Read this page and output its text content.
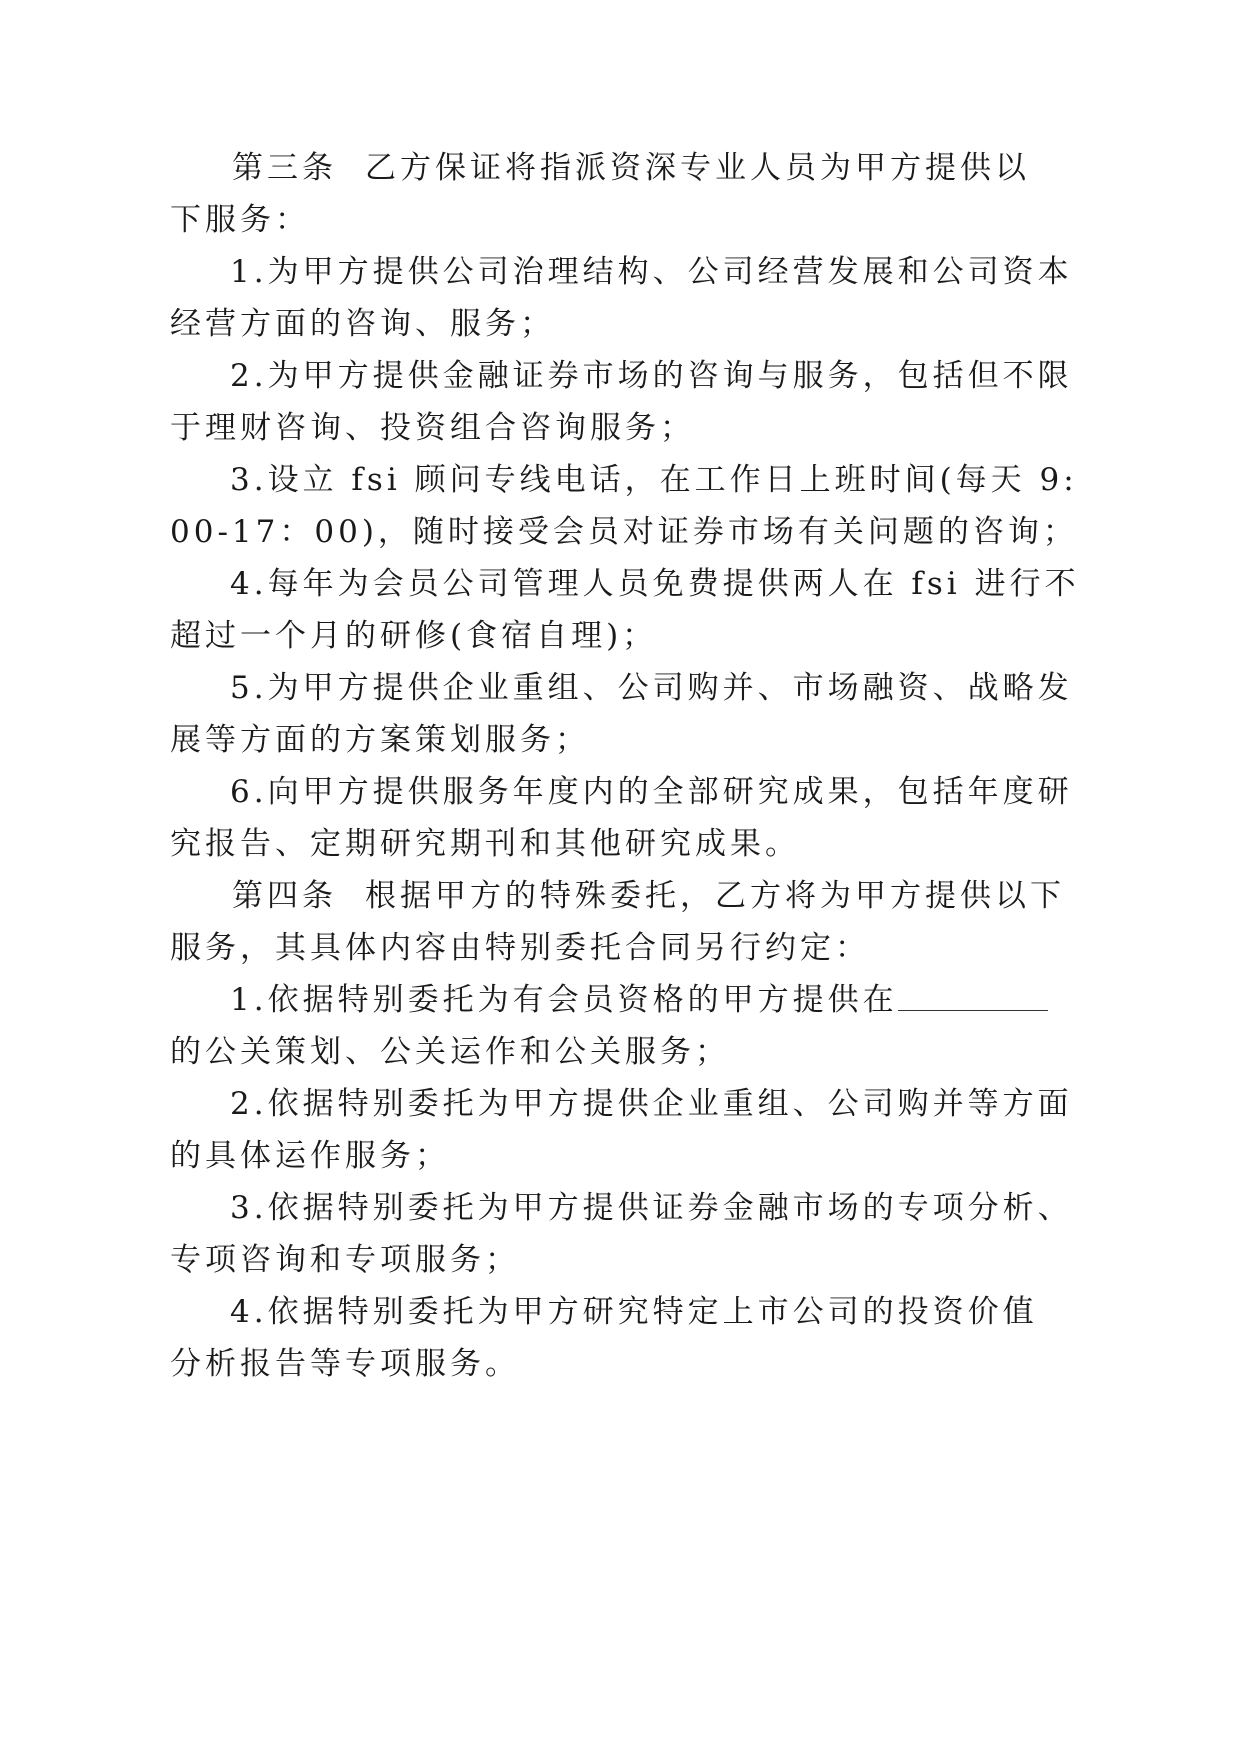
第三条 乙方保证将指派资深专业人员为甲方提供以
下服务：
1.为甲方提供公司治理结构、公司经营发展和公司资本
经营方面的咨询、服务；
2.为甲方提供金融证券市场的咨询与服务，包括但不限
于理财咨询、投资组合咨询服务；
3.设立 fsi 顾问专线电话，在工作日上班时间(每天 9:
00-17：00)，随时接受会员对证券市场有关问题的咨询；
4.每年为会员公司管理人员免费提供两人在 fsi 进行不
超过一个月的研修(食宿自理)；
5.为甲方提供企业重组、公司购并、市场融资、战略发
展等方面的方案策划服务；
6.向甲方提供服务年度内的全部研究成果，包括年度研
究报告、定期研究期刊和其他研究成果。
第四条 根据甲方的特殊委托，乙方将为甲方提供以下
服务，其具体内容由特别委托合同另行约定：
1.依据特别委托为有会员资格的甲方提供在
的公关策划、公关运作和公关服务；
2.依据特别委托为甲方提供企业重组、公司购并等方面
的具体运作服务；
3.依据特别委托为甲方提供证券金融市场的专项分析、
专项咨询和专项服务；
4.依据特别委托为甲方研究特定上市公司的投资价值
分析报告等专项服务。
